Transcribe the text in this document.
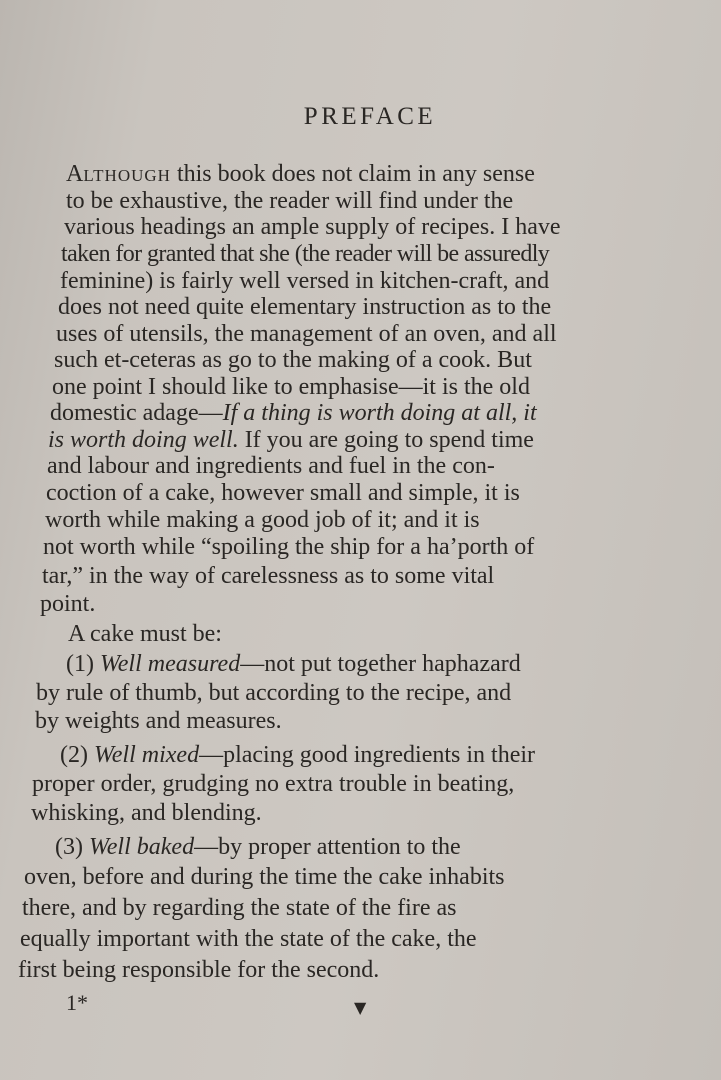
PREFACE
ALTHOUGH this book does not claim in any sense
to be exhaustive, the reader will find under the
various headings an ample supply of recipes. I have
taken for granted that she (the reader will be assuredly
feminine) is fairly well versed in kitchen-craft, and
does not need quite elementary instruction as to the
uses of utensils, the management of an oven, and all
such et-ceteras as go to the making of a cook. But
one point I should like to emphasise—it is the old
domestic adage—If a thing is worth doing at all, it
is worth doing well. If you are going to spend time
and labour and ingredients and fuel in the con-
coction of a cake, however small and simple, it is
worth while making a good job of it; and it is
not worth while “spoiling the ship for a ha’porth of
tar,” in the way of carelessness as to some vital
point.
A cake must be:
(1) Well measured—not put together haphazard
by rule of thumb, but according to the recipe, and
by weights and measures.
(2) Well mixed—placing good ingredients in their
proper order, grudging no extra trouble in beating,
whisking, and blending.
(3) Well baked—by proper attention to the
oven, before and during the time the cake inhabits
there, and by regarding the state of the fire as
equally important with the state of the cake, the
first being responsible for the second.
1*	▼
